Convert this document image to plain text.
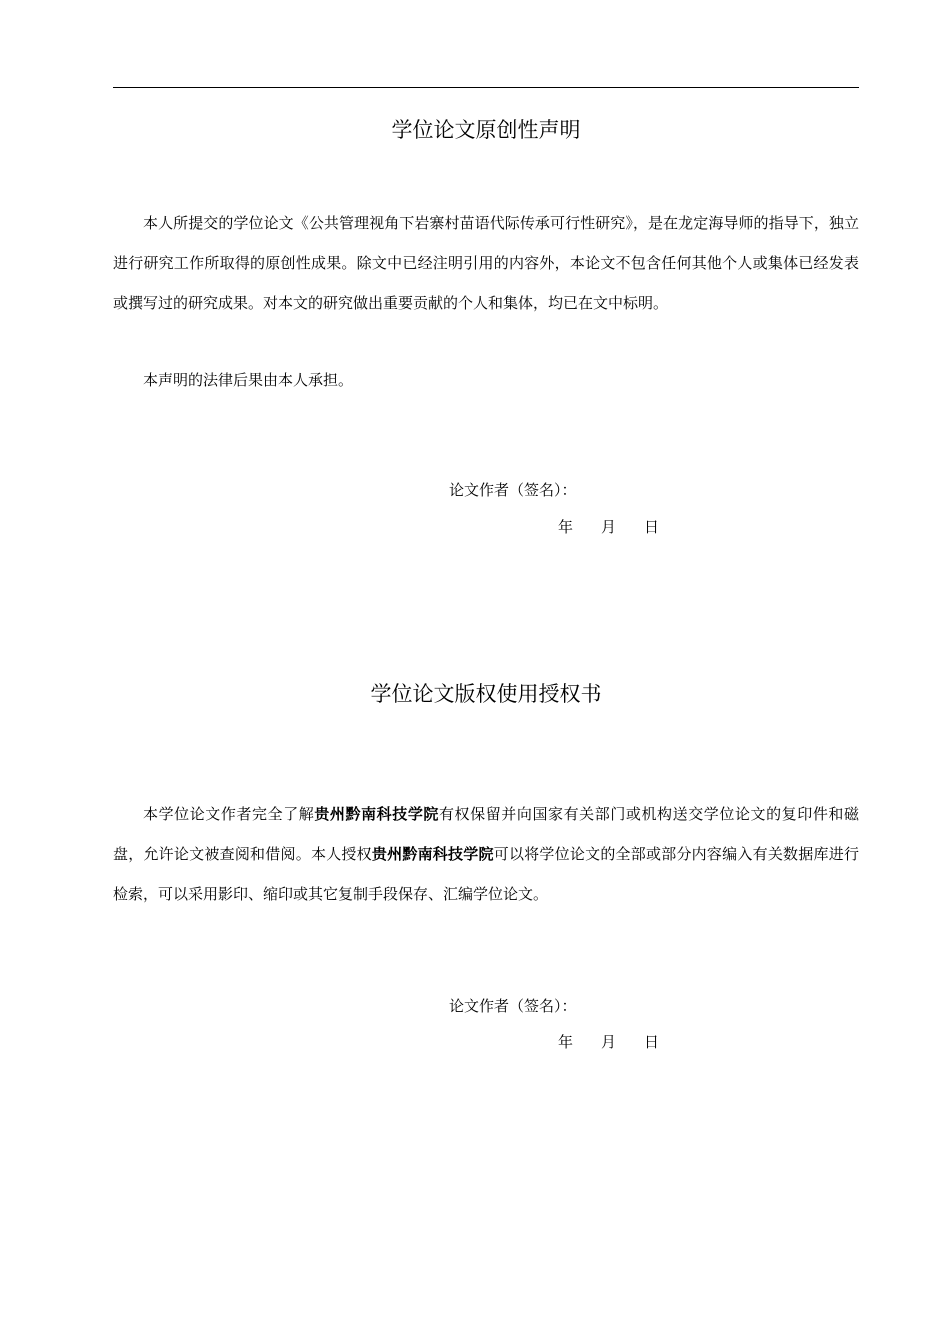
学位论文原创性声明

本人所提交的学位论文《公共管理视角下岩寨村苗语代际传承可行性研究》，是在龙定海导师的指导下，独立进行研究工作所取得的原创性成果。除文中已经注明引用的内容外，本论文不包含任何其他个人或集体已经发表或撰写过的研究成果。对本文的研究做出重要贡献的个人和集体，均已在文中标明。

本声明的法律后果由本人承担。

论文作者（签名）：
年 月 日
学位论文版权使用授权书

本学位论文作者完全了解贵州黔南科技学院有权保留并向国家有关部门或机构送交学位论文的复印件和磁盘，允许论文被查阅和借阅。本人授权贵州黔南科技学院可以将学位论文的全部或部分内容编入有关数据库进行检索，可以采用影印、缩印或其它复制手段保存、汇编学位论文。

论文作者（签名）：
年 月 日
